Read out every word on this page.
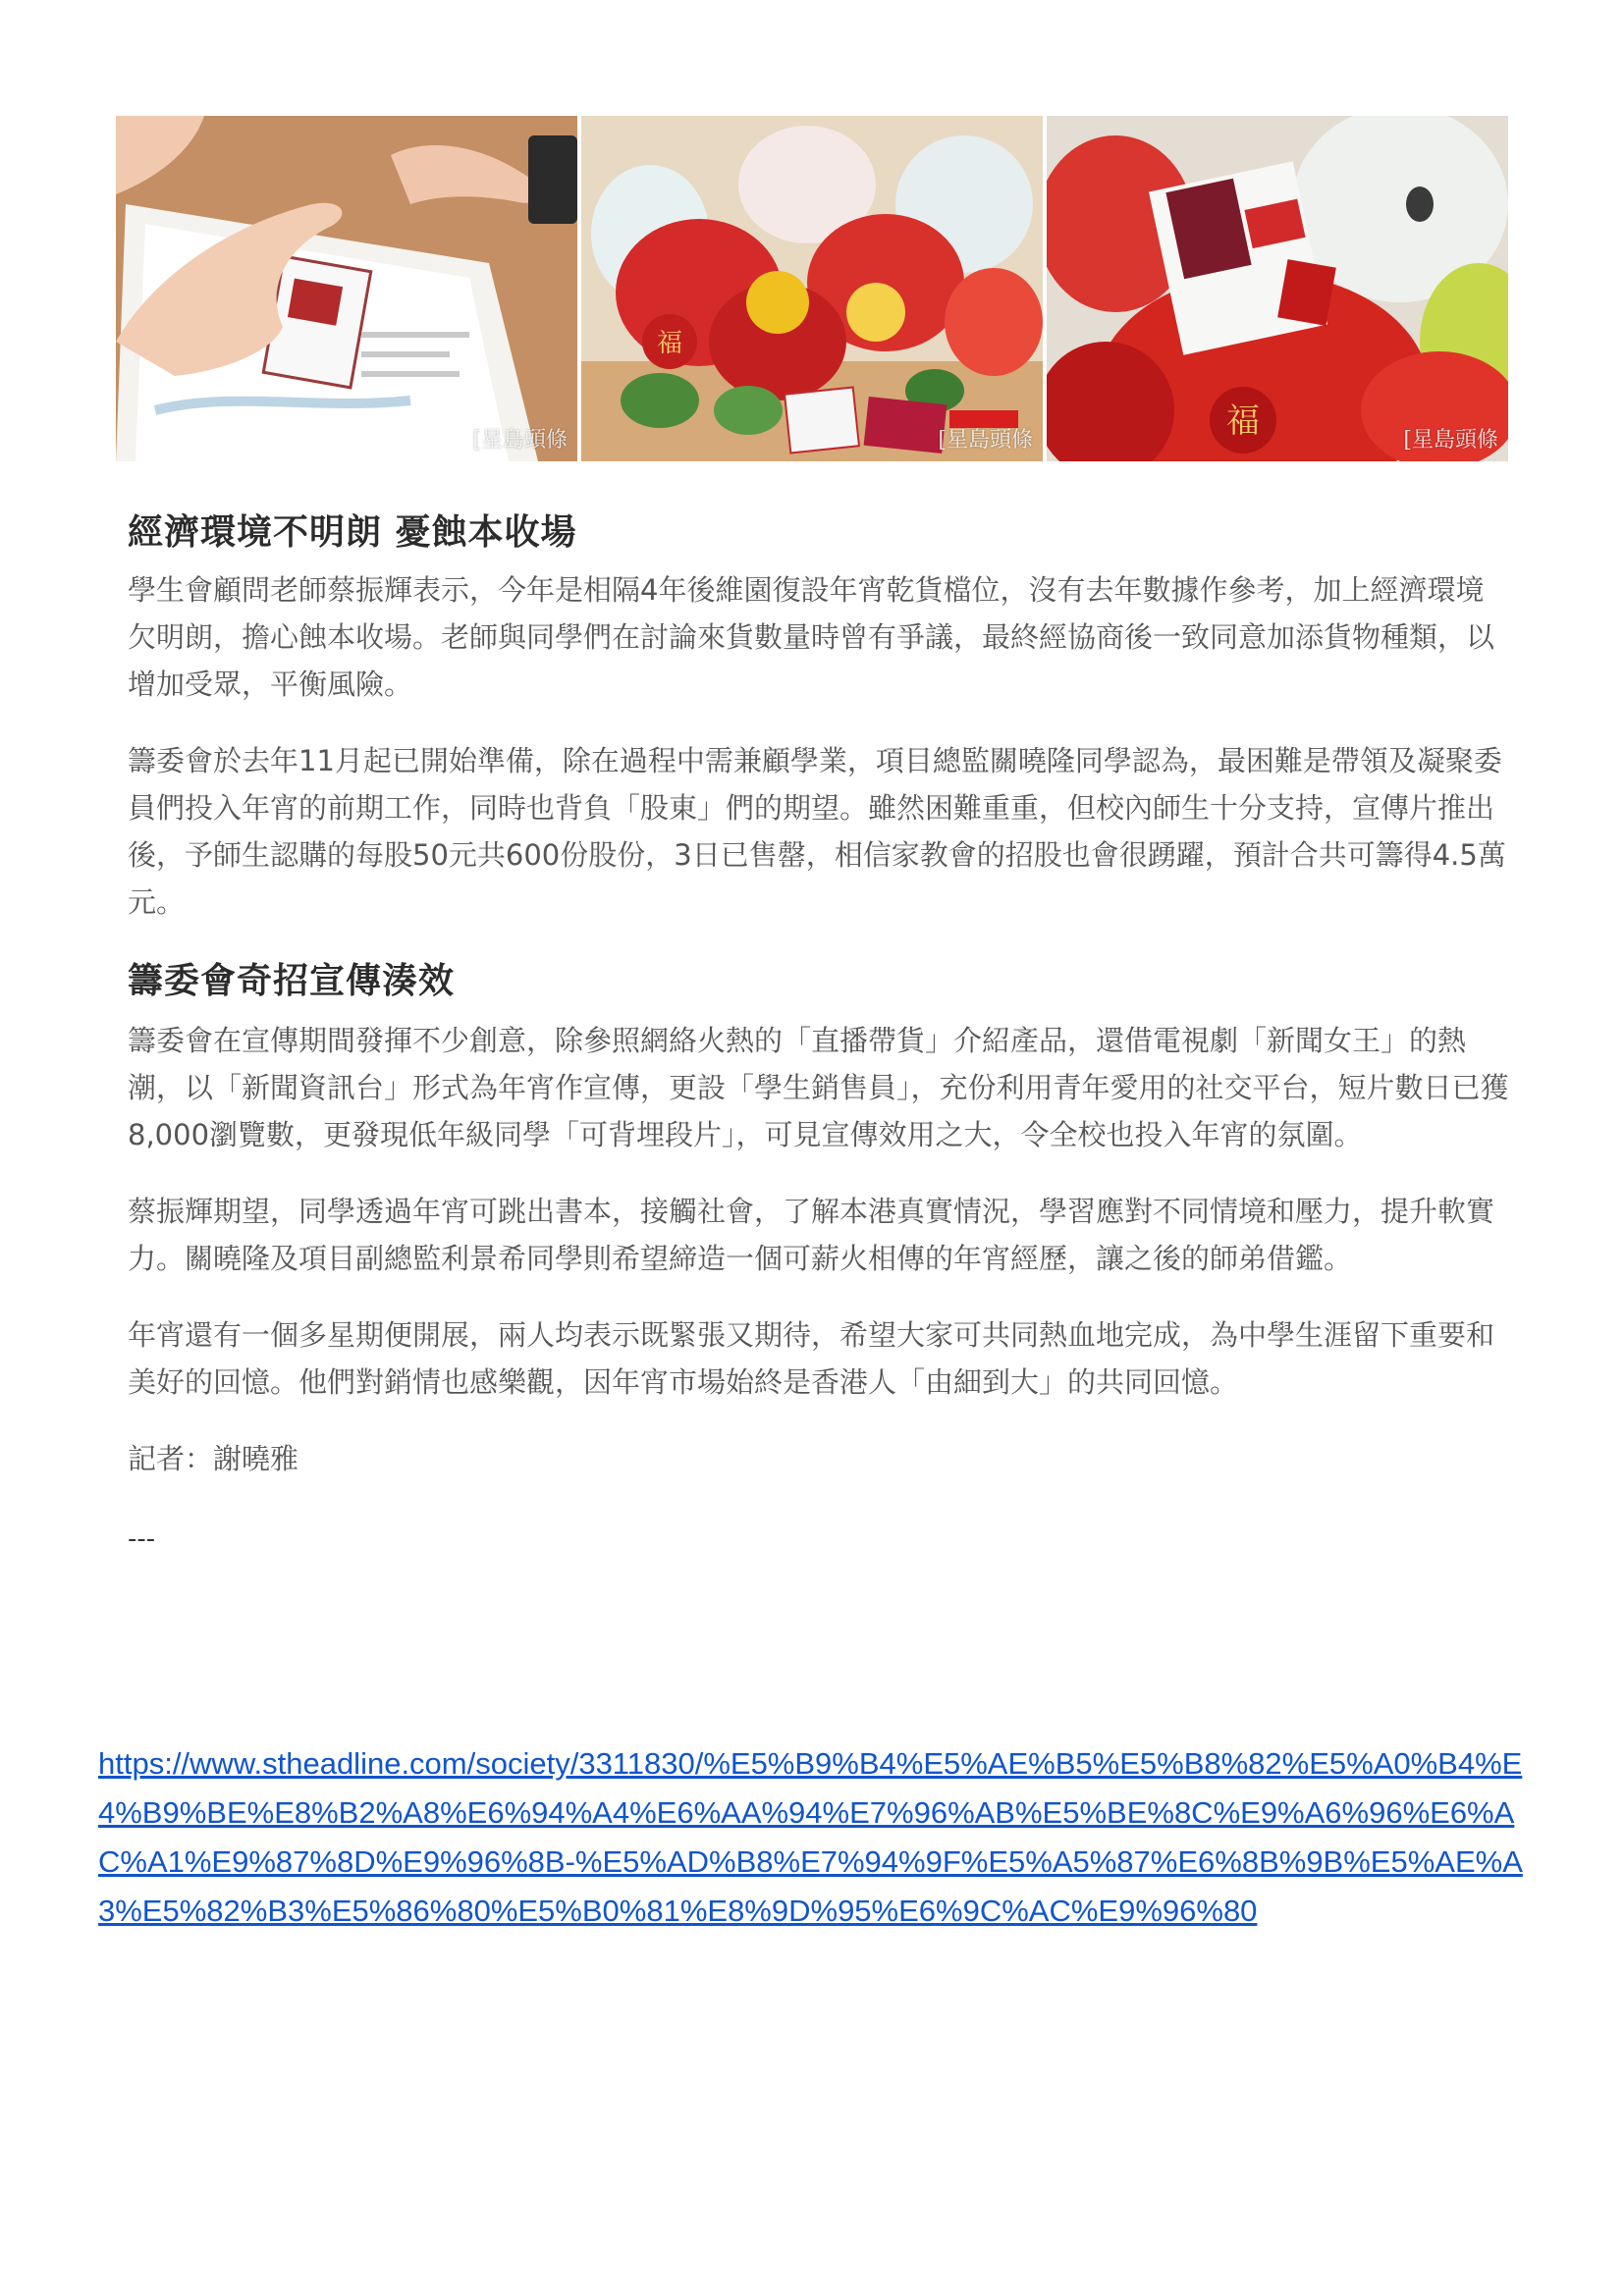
[星島頭條
福
[星島頭條	福	[星島頭條
經濟環境不明朗 憂蝕本收場

學生會顧問老師蔡振輝表示，今年是相隔4年後維園復設年宵乾貨檔位，沒有去年數據作參考，加上經濟環境欠明朗，擔心蝕本收場。老師與同學們在討論來貨數量時曾有爭議，最終經協商後一致同意加添貨物種類，以增加受眾，平衡風險。

籌委會於去年11月起已開始準備，除在過程中需兼顧學業，項目總監關曉隆同學認為，最困難是帶領及凝聚委員們投入年宵的前期工作，同時也背負「股東」們的期望。雖然困難重重，但校內師生十分支持，宣傳片推出後，予師生認購的每股50元共600份股份，3日已售罄，相信家教會的招股也會很踴躍，預計合共可籌得4.5萬元。

籌委會奇招宣傳湊效

籌委會在宣傳期間發揮不少創意，除參照網絡火熱的「直播帶貨」介紹產品，還借電視劇「新聞女王」的熱潮，以「新聞資訊台」形式為年宵作宣傳，更設「學生銷售員」，充份利用青年愛用的社交平台，短片數日已獲8,000瀏覽數，更發現低年級同學「可背埋段片」，可見宣傳效用之大，令全校也投入年宵的氛圍。

蔡振輝期望，同學透過年宵可跳出書本，接觸社會，了解本港真實情況，學習應對不同情境和壓力，提升軟實力。關曉隆及項目副總監利景希同學則希望締造一個可薪火相傳的年宵經歷，讓之後的師弟借鑑。

年宵還有一個多星期便開展，兩人均表示既緊張又期待，希望大家可共同熱血地完成，為中學生涯留下重要和美好的回憶。他們對銷情也感樂觀，因年宵市場始終是香港人「由細到大」的共同回憶。

記者：謝曉雅

---

https://www.stheadline.com/society/3311830/%E5%B9%B4%E5%AE%B5%E5%B8%82%E5%A0%B4%E4%B9%BE%E8%B2%A8%E6%94%A4%E6%AA%94%E7%96%AB%E5%BE%8C%E9%A6%96%E6%AC%A1%E9%87%8D%E9%96%8B-%E5%AD%B8%E7%94%9F%E5%A5%87%E6%8B%9B%E5%AE%A3%E5%82%B3%E5%86%80%E5%B0%81%E8%9D%95%E6%9C%AC%E9%96%80
